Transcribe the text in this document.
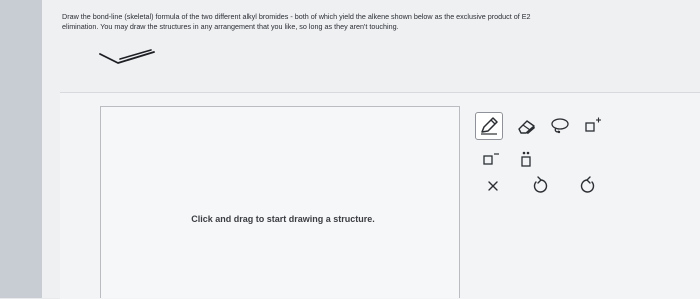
Draw the bond-line (skeletal) formula of the two different alkyl bromides - both of which yield the alkene shown below as the exclusive product of E2
elimination. You may draw the structures in any arrangement that you like, so long as they aren't touching.
Click and drag to start drawing a structure.
